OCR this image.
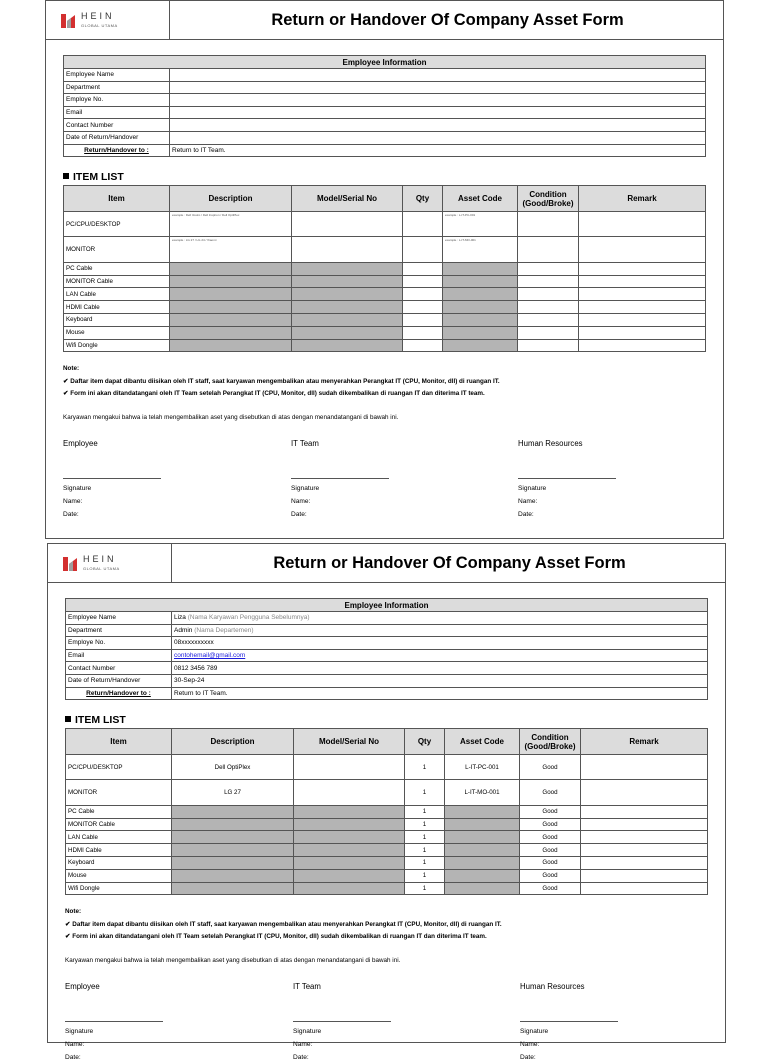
HEIN
GLOBAL UTAMA	Return or Handover Of Company Asset Form
Employee Information	
Employee Name	
Department	
Employe No.	
Email	
Contact Number	
Date of Return/Handover	
Return/Handover to :	Return to IT Team.
ITEM LIST
Item	Description	Model/Serial No	Qty	Asset Code	Condition (Good/Broke)	Remark
PC/CPU/DESKTOP	example : Dell Vostro / Dell Inspiron / Dell OptiPlex			example : L-IT-PC-001		
MONITOR	example : LG 27 / LG 24 / Xiaomi			example : L-IT-MO-001		
PC Cable						
MONITOR Cable						
LAN Cable						
HDMI Cable						
Keyboard						
Mouse						
Wifi Dongle						
Note:
✔ Daftar item dapat dibantu diisikan oleh IT staff, saat karyawan mengembalikan atau menyerahkan Perangkat IT (CPU, Monitor, dll) di ruangan IT.
✔ Form ini akan ditandatangani oleh IT Team setelah Perangkat IT (CPU, Monitor, dll) sudah dikembalikan di ruangan IT dan diterima IT team.
Karyawan mengakui bahwa ia telah mengembalikan aset yang disebutkan di atas dengan menandatangani di bawah ini.
Employee
Signature
Name:
Date:
IT Team
Signature
Name:
Date:
Human Resources
Signature
Name:
Date:
HEIN
GLOBAL UTAMA	Return or Handover Of Company Asset Form
Employee Information	
Employee Name	Liza (Nama Karyawan Pengguna Sebelumnya)
Department	Admin (Nama Departemen)
Employe No.	08xxxxxxxxxx
Email	contohemail@gmail.com
Contact Number	0812 3456 789
Date of Return/Handover	30-Sep-24
Return/Handover to :	Return to IT Team.
ITEM LIST
Item	Description	Model/Serial No	Qty	Asset Code	Condition (Good/Broke)	Remark
PC/CPU/DESKTOP	Dell OptiPlex		1	L-IT-PC-001	Good	
MONITOR	LG 27		1	L-IT-MO-001	Good	
PC Cable			1		Good	
MONITOR Cable			1		Good	
LAN Cable			1		Good	
HDMI Cable			1		Good	
Keyboard			1		Good	
Mouse			1		Good	
Wifi Dongle			1		Good	
Note:
✔ Daftar item dapat dibantu diisikan oleh IT staff, saat karyawan mengembalikan atau menyerahkan Perangkat IT (CPU, Monitor, dll) di ruangan IT.
✔ Form ini akan ditandatangani oleh IT Team setelah Perangkat IT (CPU, Monitor, dll) sudah dikembalikan di ruangan IT dan diterima IT team.
Karyawan mengakui bahwa ia telah mengembalikan aset yang disebutkan di atas dengan menandatangani di bawah ini.
Employee
Signature
Name:
Date:
IT Team
Signature
Name:
Date:
Human Resources
Signature
Name:
Date:
